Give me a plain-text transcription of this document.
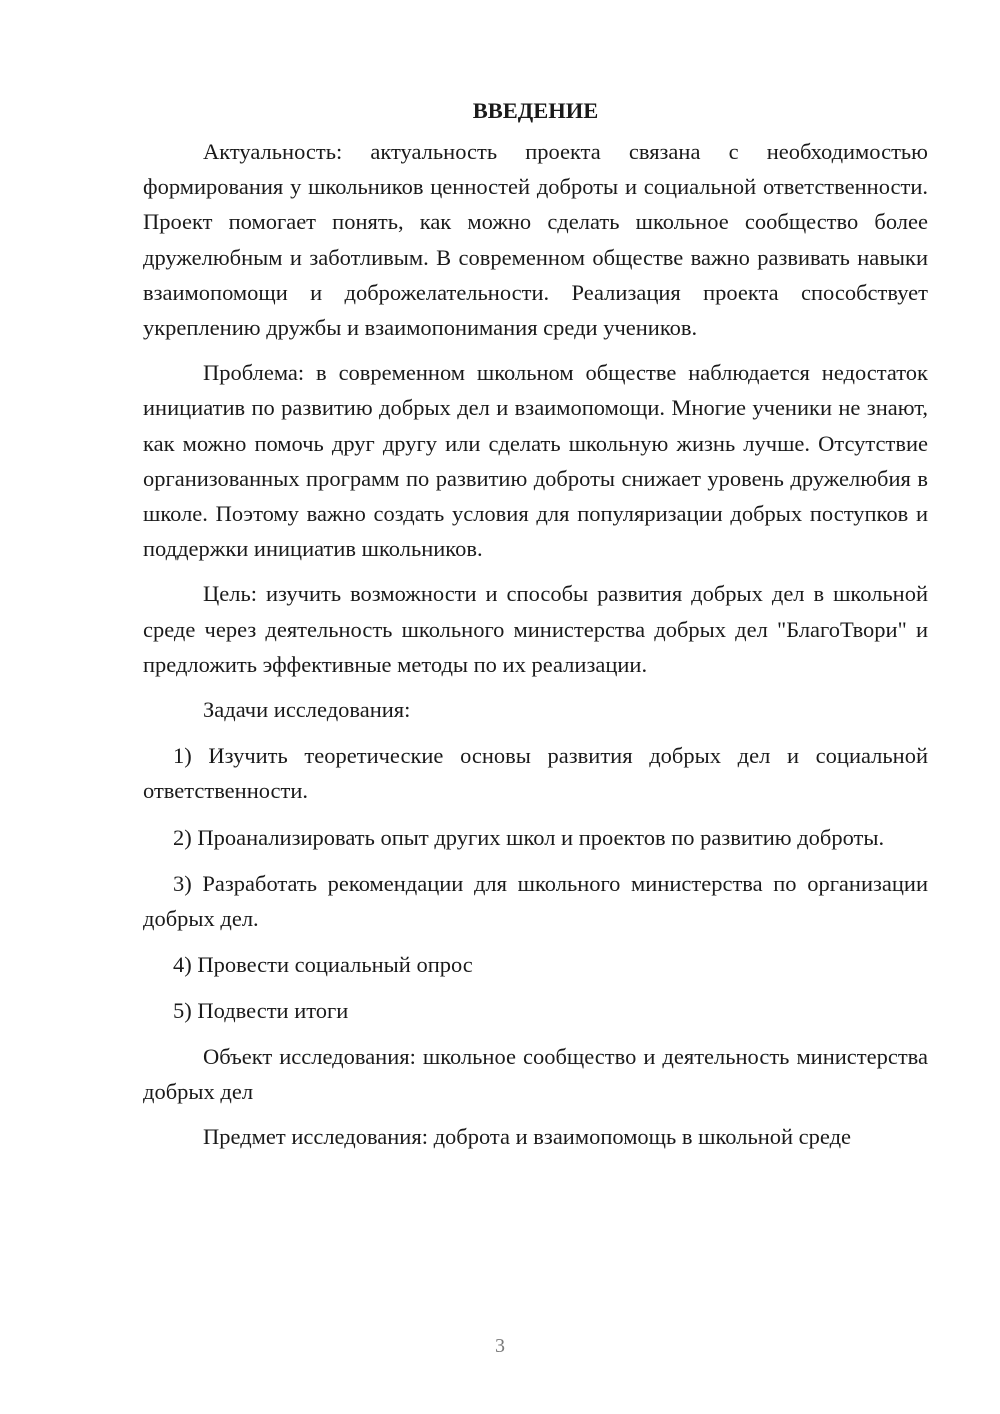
ВВЕДЕНИЕ

Актуальность: актуальность проекта связана с необходимостью формирования у школьников ценностей доброты и социальной ответственности. Проект помогает понять, как можно сделать школьное сообщество более дружелюбным и заботливым. В современном обществе важно развивать навыки взаимопомощи и доброжелательности. Реализация проекта способствует укреплению дружбы и взаимопонимания среди учеников.

Проблема: в современном школьном обществе наблюдается недостаток инициатив по развитию добрых дел и взаимопомощи. Многие ученики не знают, как можно помочь друг другу или сделать школьную жизнь лучше. Отсутствие организованных программ по развитию доброты снижает уровень дружелюбия в школе. Поэтому важно создать условия для популяризации добрых поступков и поддержки инициатив школьников.

Цель: изучить возможности и способы развития добрых дел в школьной среде через деятельность школьного министерства добрых дел "БлагоТвори" и предложить эффективные методы по их реализации.

Задачи исследования:

1) Изучить теоретические основы развития добрых дел и социальной ответственности.

2) Проанализировать опыт других школ и проектов по развитию доброты.

3) Разработать рекомендации для школьного министерства по организации добрых дел.

4) Провести социальный опрос

5) Подвести итоги

Объект исследования: школьное сообщество и деятельность министерства добрых дел

Предмет исследования: доброта и взаимопомощь в школьной среде

3
